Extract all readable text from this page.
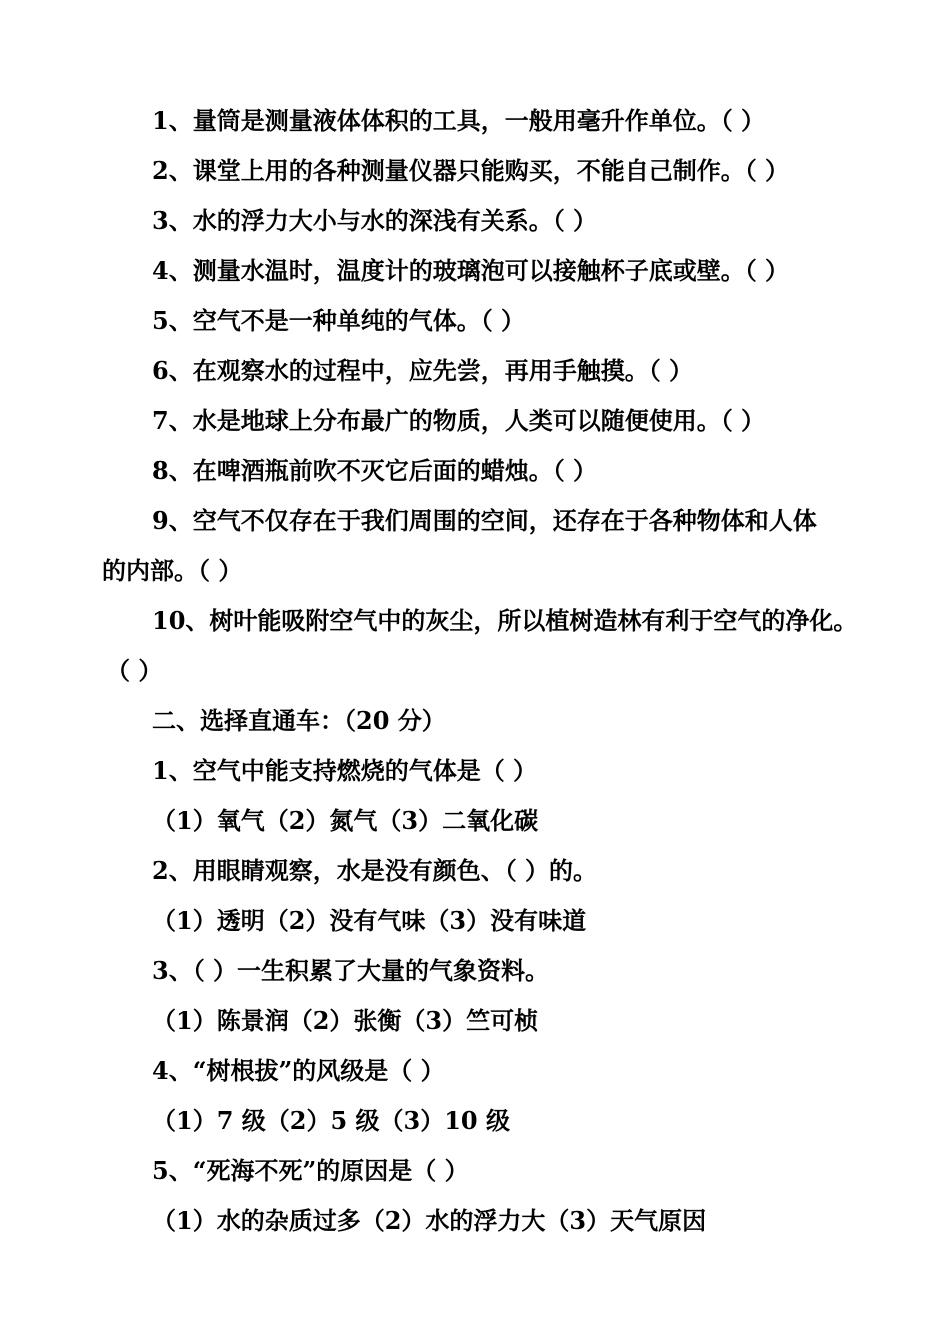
1、量筒是测量液体体积的工具，一般用毫升作单位。（ ）

2、课堂上用的各种测量仪器只能购买，不能自己制作。（ ）

3、水的浮力大小与水的深浅有关系。（ ）

4、测量水温时，温度计的玻璃泡可以接触杯子底或壁。（ ）

5、空气不是一种单纯的气体。（ ）

6、在观察水的过程中，应先尝，再用手触摸。（ ）

7、水是地球上分布最广的物质，人类可以随便使用。（ ）

8、在啤酒瓶前吹不灭它后面的蜡烛。（ ）

9、空气不仅存在于我们周围的空间，还存在于各种物体和人体

的内部。（ ）

10、树叶能吸附空气中的灰尘，所以植树造林有利于空气的净化。

（ ）

二、选择直通车：（20 分）

1、空气中能支持燃烧的气体是（ ）

（1）氧气（2）氮气（3）二氧化碳

2、用眼睛观察，水是没有颜色、（ ）的。

（1）透明（2）没有气味（3）没有味道

3、（ ）一生积累了大量的气象资料。

（1）陈景润（2）张衡（3）竺可桢

4、“树根拔”的风级是（ ）

（1）7 级（2）5 级（3）10 级

5、“死海不死”的原因是（ ）

（1）水的杂质过多（2）水的浮力大（3）天气原因
